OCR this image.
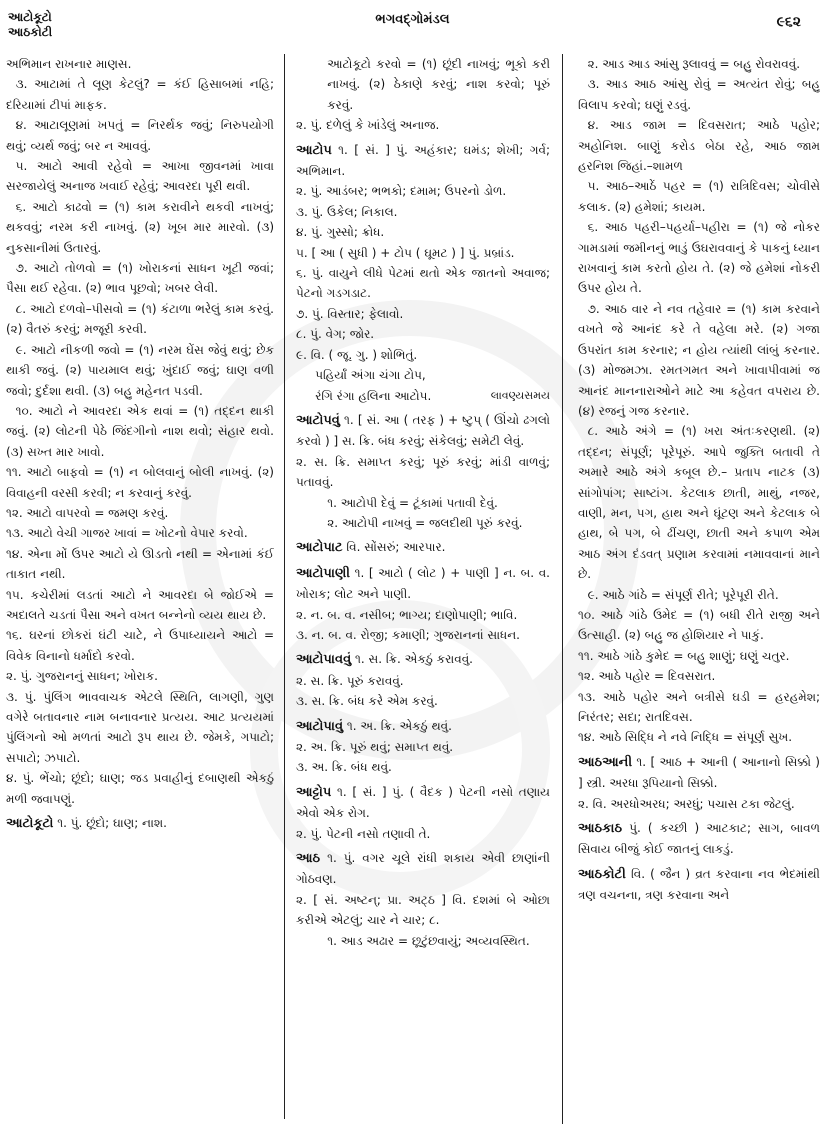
આટોકૂટો
આઠકોટી
ભગવદ્ગોમંડલ	૯૬૨

અભિમાન રાખનાર માણસ.

૩. આટામાં તે લૂણ કેટલું? = કંઈ હિસાબમાં નહિ; દરિયામાં ટીપાં માફક.

૪. આટાલૂણમાં ખપતું = નિરર્થક જવું; નિરુપયોગી થવું; વ્યર્થ જવું; બર ન આવવું.

૫. આટો આવી રહેવો = આખા જીવનમાં ખાવા સરજાયેલું અનાજ ખવાઈ રહેવું; આવરદા પૂરી થવી.

૬. આટો કાઢવો = (૧) કામ કરાવીને થકવી નાખવું; થકવવું; નરમ કરી નાખવું. (૨) ખૂબ માર મારવો. (૩) નુકસાનીમાં ઉતારવું.

૭. આટો તોળવો = (૧) ખોરાકનાં સાધન ખૂટી જવાં; પૈસા થઈ રહેવા. (૨) ભાવ પૂછવો; ખબર લેવી.

૮. આટો દળવો–પીસવો = (૧) કંટાળા ભરેલું કામ કરવું. (૨) વૈતરું કરવું; મજૂરી કરવી.

૯. આટો નીકળી જવો = (૧) નરમ ઘેંસ જેવું થવું; છેક થાકી જવું. (૨) પાયમાલ થવું; ખુંદાઈ જવું; ઘાણ વળી જવો; દુર્દશા થવી. (૩) બહુ મહેનત પડવી.

૧૦. આટો ને આવરદા એક થવાં = (૧) તદ્દન થાકી જવું. (૨) લોટની પેઠે જિંદગીનો નાશ થવો; સંહાર થવો. (૩) સખ્ત માર ખાવો.

૧૧. આટો બાફવો = (૧) ન બોલવાનું બોલી નાખવું. (૨) વિવાહની વરસી કરવી; ન કરવાનું કરવું.

૧૨. આટો વાપરવો = જમણ કરવું.

૧૩. આટો વેચી ગાજર ખાવાં = ખોટનો વેપાર કરવો.

૧૪. એના મોં ઉપર આટો યે ઊડતો નથી = એનામાં કંઈ તાકાત નથી.

૧૫. કચેરીમાં લડતાં આટો ને આવરદા બે જોઈએ = અદાલતે ચડતાં પૈસા અને વખત બન્નેનો વ્યય થાય છે.

૧૬. ઘરનાં છોકરાં ઘંટી ચાટે, ને ઉપાધ્યાયને આટો = વિવેક વિનાનો ધર્માદો કરવો.

૨. પું. ગુજરાનનું સાધન; ખોરાક.

૩. પું. પુંલિંગ ભાવવાચક એટલે સ્થિતિ, લાગણી, ગુણ વગેરે બતાવનાર નામ બનાવનાર પ્રત્યય. આટ પ્રત્યયમાં પુંલિંગનો ઓ મળતાં આટો રૂપ થાય છે. જેમકે, ગપાટો; સપાટો; ઝપાટો.

૪. પું. ભેંચો; છૂંદો; ઘાણ; જડ પ્રવાહીનું દબાણથી એકઠું મળી જવાપણું.

આટોકૂટો ૧. પું. છૂંદો; ઘાણ; નાશ.

આટોકૂટો કરવો = (૧) છૂંદી નાખવું; ભૂકો કરી નાખવું. (૨) ઠેકાણે કરવું; નાશ કરવો; પૂરું કરવું.

૨. પું. દળેલું કે ખાંડેલું અનાજ.

આટોપ ૧. [ સં. ] પું. અહંકાર; ઘમંડ; શેખી; ગર્વ; અભિમાન.

૨. પું. આડંબર; ભભકો; દમામ; ઉપરનો ડોળ.

૩. પું. ઉકેલ; નિકાલ.

૪. પું. ગુસ્સો; ક્રોધ.

૫. [ આ ( સુધી ) + ટોપ ( ઘૂમટ ) ] પું. પ્રબ્રાંડ.

૬. પું. વાયુને લીધે પેટમાં થતો એક જાતનો અવાજ; પેટનો ગડગડાટ.

૭. પું. વિસ્તાર; ફેલાવો.

૮. પું. વેગ; જોર.

૯. વિ. ( જૂ. ગુ. ) શોભિતું.

પહિર્યાં અંગા ચંગા ટોપ,

રંગિ રંગા હલિના આટોપ.	લાવણ્યસમય

આટોપવું ૧. [ સં. આ ( તરફ ) + ષ્ટુપ્ ( ઊંચો ઢગલો કરવો ) ] સ. ક્રિ. બંધ કરવું; સંકેલવું; સમેટી લેવું.

૨. સ. ક્રિ. સમાપ્ત કરવું; પૂરું કરવું; માંડી વાળવું; પતાવવું.

૧. આટોપી દેવું = ટૂંકામાં પતાવી દેવું.

૨. આટોપી નાખવું = જલદીથી પૂરું કરવું.

આટોપાટ વિ. સોંસરું; આરપાર.

આટોપાણી ૧. [ આટો ( લોટ ) + પાણી ] ન. બ. વ. ખોરાક; લોટ અને પાણી.

૨. ન. બ. વ. નસીબ; ભાગ્ય; દાણોપાણી; ભાવિ.

૩. ન. બ. વ. રોજી; કમાણી; ગુજરાનનાં સાધન.

આટોપાવવું ૧. સ. ક્રિ. એકઠું કરાવવું.

૨. સ. ક્રિ. પૂરું કરાવવું.

૩. સ. ક્રિ. બંધ કરે એમ કરવું.

આટોપાવું ૧. અ. ક્રિ. એકઠું થવું.

૨. અ. ક્રિ. પૂરું થવું; સમાપ્ત થવું.

૩. અ. ક્રિ. બંધ થવું.

આટ્ટોપ ૧. [ સં. ] પું. ( વૈદક ) પેટની નસો તણાય એવો એક રોગ.

૨. પું. પેટની નસો તણાવી તે.

આઠ ૧. પું. વગર ચૂલે રાંધી શકાય એવી છાણાંની ગોઠવણ.

૨. [ સં. અષ્ટન્; પ્રા. અટ્ઠ ] વિ. દશમાં બે ઓછા કરીએ એટલું; ચાર ને ચાર; ૮.

૧. આડ અઢાર = છૂટુંછવાયું; અવ્યવસ્થિત.

૨. આડ આડ આંસુ રૂલાવવું = બહુ રોવરાવવું.

૩. આડ આઠ આંસુ રોવું = અત્યંત રોવું; બહુ વિલાપ કરવો; ઘણું રડવું.

૪. આડ જામ = દિવસરાત; આઠે પહોર; અહોનિશ. બાણું કરોડ બેઠા રહે, આઠ જામ હરનિશ જિહાં.–શામળ

૫. આઠ–આઠેં પહર = (૧) રાત્રિદિવસ; ચોવીસે કલાક. (૨) હમેશાં; કાયમ.

૬. આઠ પહરી–પહર્યા–પહીરા = (૧) જે નોકર ગામડામાં જમીનનું ભાડું ઉઘરાવવાનું કે પાકનું ધ્યાન રાખવાનું કામ કરતો હોય તે. (૨) જે હમેશાં નોકરી ઉપર હોય તે.

૭. આઠ વાર ને નવ તહેવાર = (૧) કામ કરવાને વખતે જે આનંદ કરે તે વહેલા મરે. (૨) ગજા ઉપરાંત કામ કરનાર; ન હોય ત્યાંથી લાંબું કરનાર. (૩) મોજમઝા. રમતગમત અને ખાવાપીવામાં જ આનંદ માનનારાઓને માટે આ કહેવત વપરાય છે. (૪) રજનું ગજ કરનાર.

૮. આઠે અંગે = (૧) ખરા અંતઃકરણથી. (૨) તદ્દન; સંપૂર્ણ; પૂરેપૂરું. આપે જુક્તિ બતાવી તે અમારે આઠે અંગે કબૂલ છે.– પ્રતાપ નાટક (૩) સાંગોપાંગ; સાષ્ટાંગ. કેટલાક છાતી, માથું, નજર, વાણી, મન, પગ, હાથ અને ઘૂંટણ અને કેટલાક બે હાથ, બે પગ, બે ઢીંચણ, છાતી અને કપાળ એમ આઠ અંગ દંડવત્ પ્રણામ કરવામાં નમાવવાનાં માને છે.

૯. આઠે ગાંઠે = સંપૂર્ણ રીતે; પૂરેપૂરી રીતે.

૧૦. આઠે ગાંઠે ઉમેદ = (૧) બધી રીતે રાજી અને ઉત્સાહી. (૨) બહુ જ હોશિયાર ને પાકું.

૧૧. આઠે ગાંઠે કુમેદ = બહુ શાણું; ઘણું ચતુર.

૧૨. આઠે પહોર = દિવસરાત.

૧૩. આઠે પહોર અને બત્રીસે ઘડી = હરહમેશ; નિરંતર; સદા; રાતદિવસ.

૧૪. આઠે સિદ્ધિ ને નવે નિદ્ધિ = સંપૂર્ણ સુખ.

આઠઆની ૧. [ આઠ + આની ( આનાનો સિક્કો ) ] સ્ત્રી. અરધા રૂપિયાનો સિક્કો.

૨. વિ. અરધોઅરધ; અરધું; પચાસ ટકા જેટલું.

આઠકાઠ પું. ( કચ્છી ) આટકાટ; સાગ, બાવળ સિવાય બીજું કોઈ જાતનું લાકડું.

આઠકોટી વિ. ( જૈન ) વ્રત કરવાના નવ ભેદમાંથી ત્રણ વચનના, ત્રણ કરવાના અને
